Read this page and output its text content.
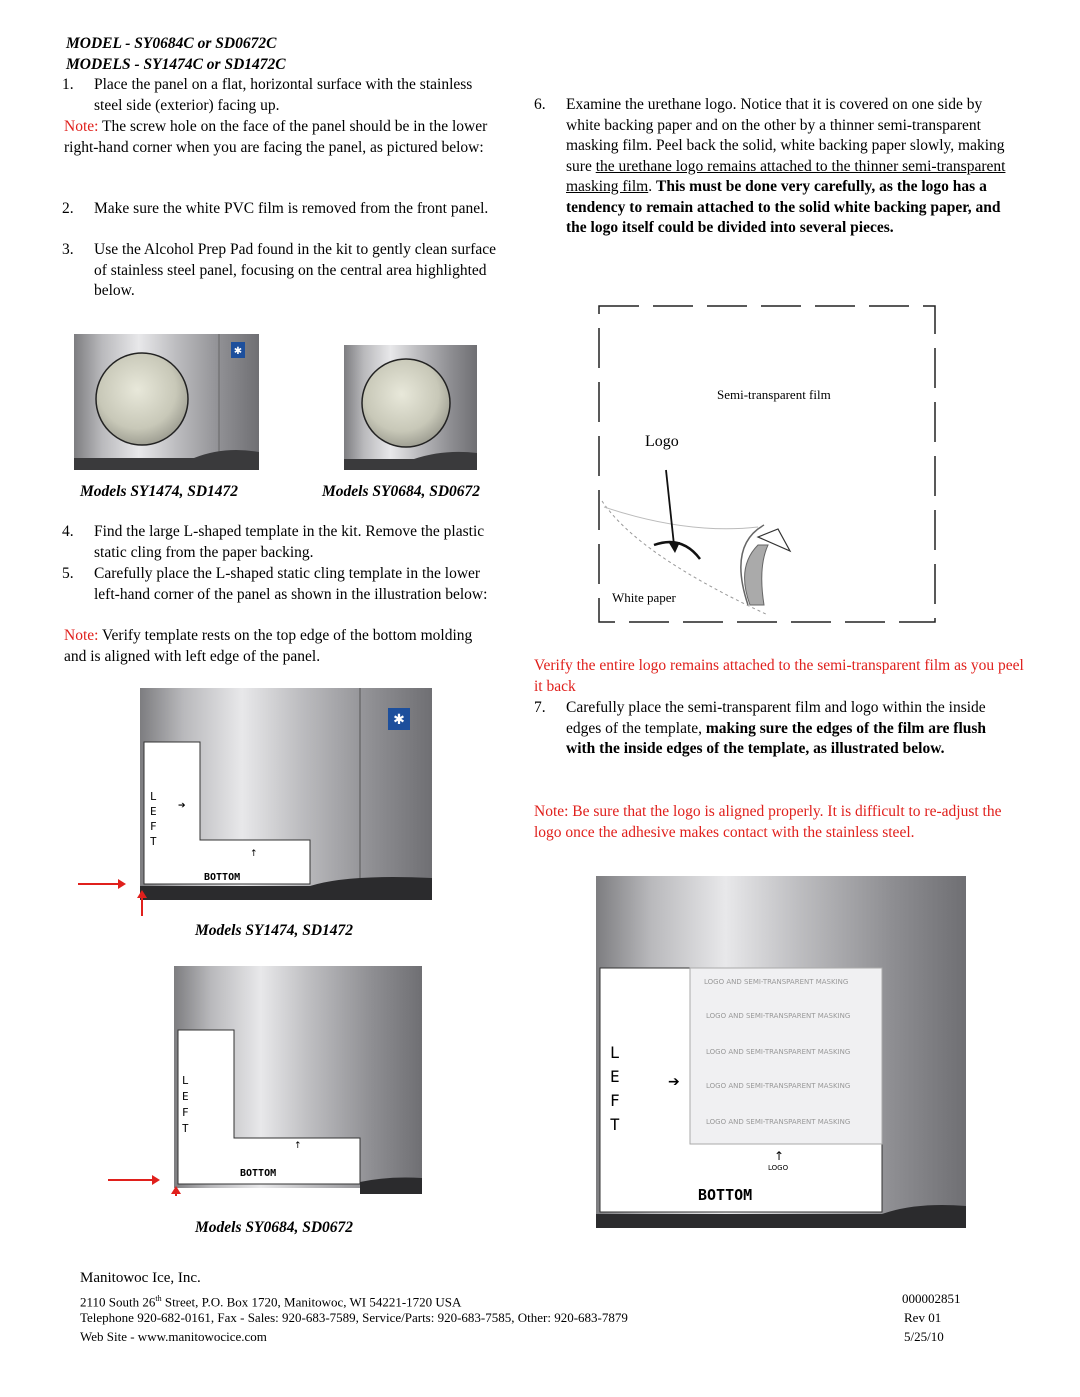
MODEL - SY0684C or SD0672C
MODELS - SY1474C or SD1472C
1. Place the panel on a flat, horizontal surface with the stainless steel side (exterior) facing up.
Note: The screw hole on the face of the panel should be in the lower right-hand corner when you are facing the panel, as pictured below:
2. Make sure the white PVC film is removed from the front panel.
3. Use the Alcohol Prep Pad found in the kit to gently clean surface of stainless steel panel, focusing on the central area highlighted below.
✱
Models SY1474, SD1472	Models SY0684, SD0672
4. Find the large L-shaped template in the kit. Remove the plastic static cling from the paper backing.
5. Carefully place the L-shaped static cling template in the lower left-hand corner of the panel as shown in the illustration below:
Note: Verify template rests on the top edge of the bottom molding and is aligned with left edge of the panel.
✱
L
E
F
T
➔
↑
BOTTOM
Models SY1474, SD1472
L
E
F
T
↑
BOTTOM
Models SY0684, SD0672
6. Examine the urethane logo. Notice that it is covered on one side by white backing paper and on the other by a thinner semi-transparent masking film. Peel back the solid, white backing paper slowly, making sure the urethane logo remains attached to the thinner semi-transparent masking film. This must be done very carefully, as the logo has a tendency to remain attached to the solid white backing paper, and the logo itself could be divided into several pieces.
Semi-transparent film
Logo
White paper
Verify the entire logo remains attached to the semi-transparent film as you peel it back
7. Carefully place the semi-transparent film and logo within the inside edges of the template, making sure the edges of the film are flush with the inside edges of the template, as illustrated below.
Note: Be sure that the logo is aligned properly. It is difficult to re-adjust the logo once the adhesive makes contact with the stainless steel.
LOGO AND SEMI-TRANSPARENT MASKING
LOGO AND SEMI-TRANSPARENT MASKING
LOGO AND SEMI-TRANSPARENT MASKING
LOGO AND SEMI-TRANSPARENT MASKING
LOGO AND SEMI-TRANSPARENT MASKING
L
E
F
T
➔
↑
LOGO
BOTTOM
Manitowoc Ice, Inc.
2110 South 26th Street, P.O. Box 1720, Manitowoc, WI 54221-1720 USA
Telephone 920-682-0161, Fax - Sales: 920-683-7589, Service/Parts: 920-683-7585, Other: 920-683-7879
Web Site - www.manitowocice.com
000002851
Rev 01
5/25/10
